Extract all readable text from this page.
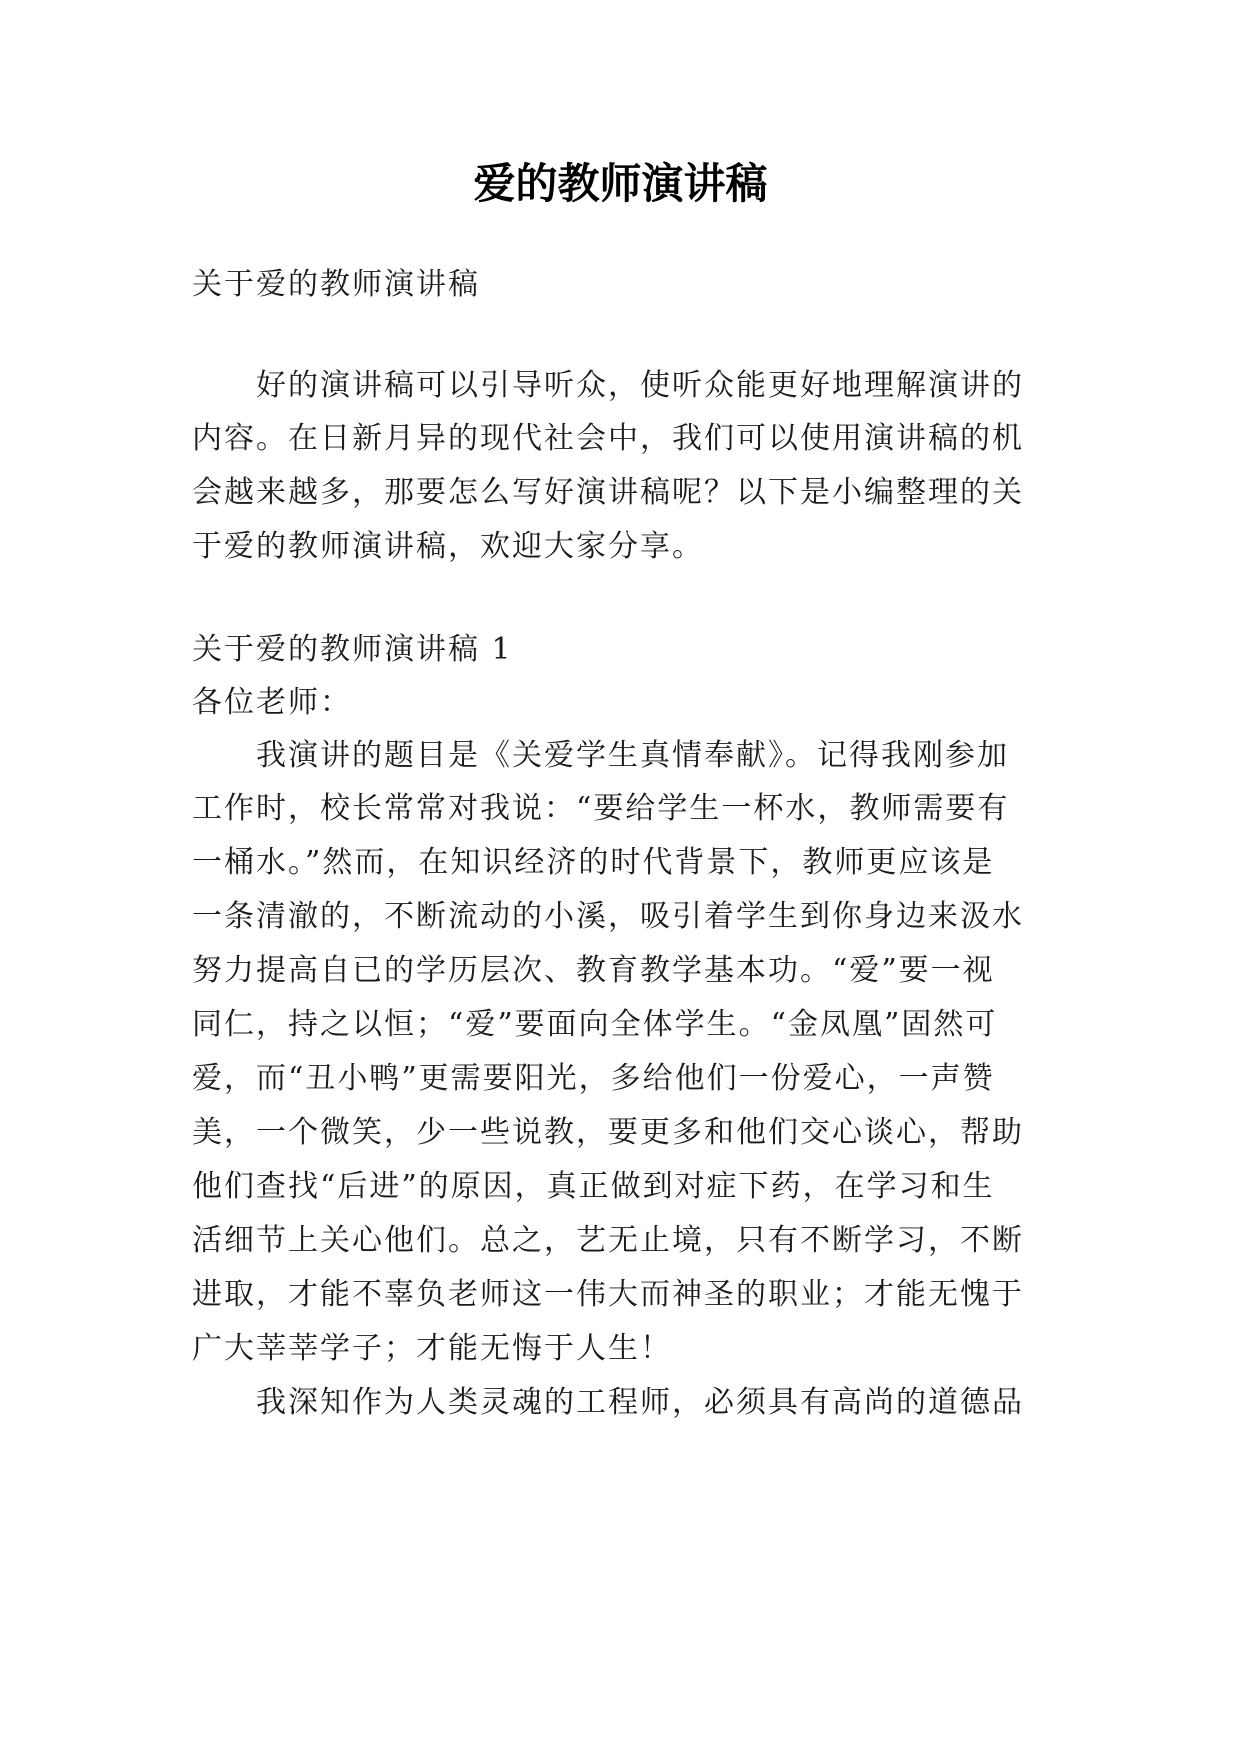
爱的教师演讲稿
关于爱的教师演讲稿
好的演讲稿可以引导听众，使听众能更好地理解演讲的
内容。在日新月异的现代社会中，我们可以使用演讲稿的机
会越来越多，那要怎么写好演讲稿呢？以下是小编整理的关
于爱的教师演讲稿，欢迎大家分享。
关于爱的教师演讲稿 1
各位老师：
我演讲的题目是《关爱学生真情奉献》。记得我刚参加
工作时，校长常常对我说：“要给学生一杯水，教师需要有
一桶水。”然而，在知识经济的时代背景下，教师更应该是
一条清澈的，不断流动的小溪，吸引着学生到你身边来汲水
努力提高自已的学历层次、教育教学基本功。“爱”要一视
同仁，持之以恒；“爱”要面向全体学生。“金凤凰”固然可
爱，而“丑小鸭”更需要阳光，多给他们一份爱心，一声赞
美，一个微笑，少一些说教，要更多和他们交心谈心，帮助
他们查找“后进”的原因，真正做到对症下药，在学习和生
活细节上关心他们。总之，艺无止境，只有不断学习，不断
进取，才能不辜负老师这一伟大而神圣的职业；才能无愧于
广大莘莘学子；才能无悔于人生！
我深知作为人类灵魂的工程师，必须具有高尚的道德品
